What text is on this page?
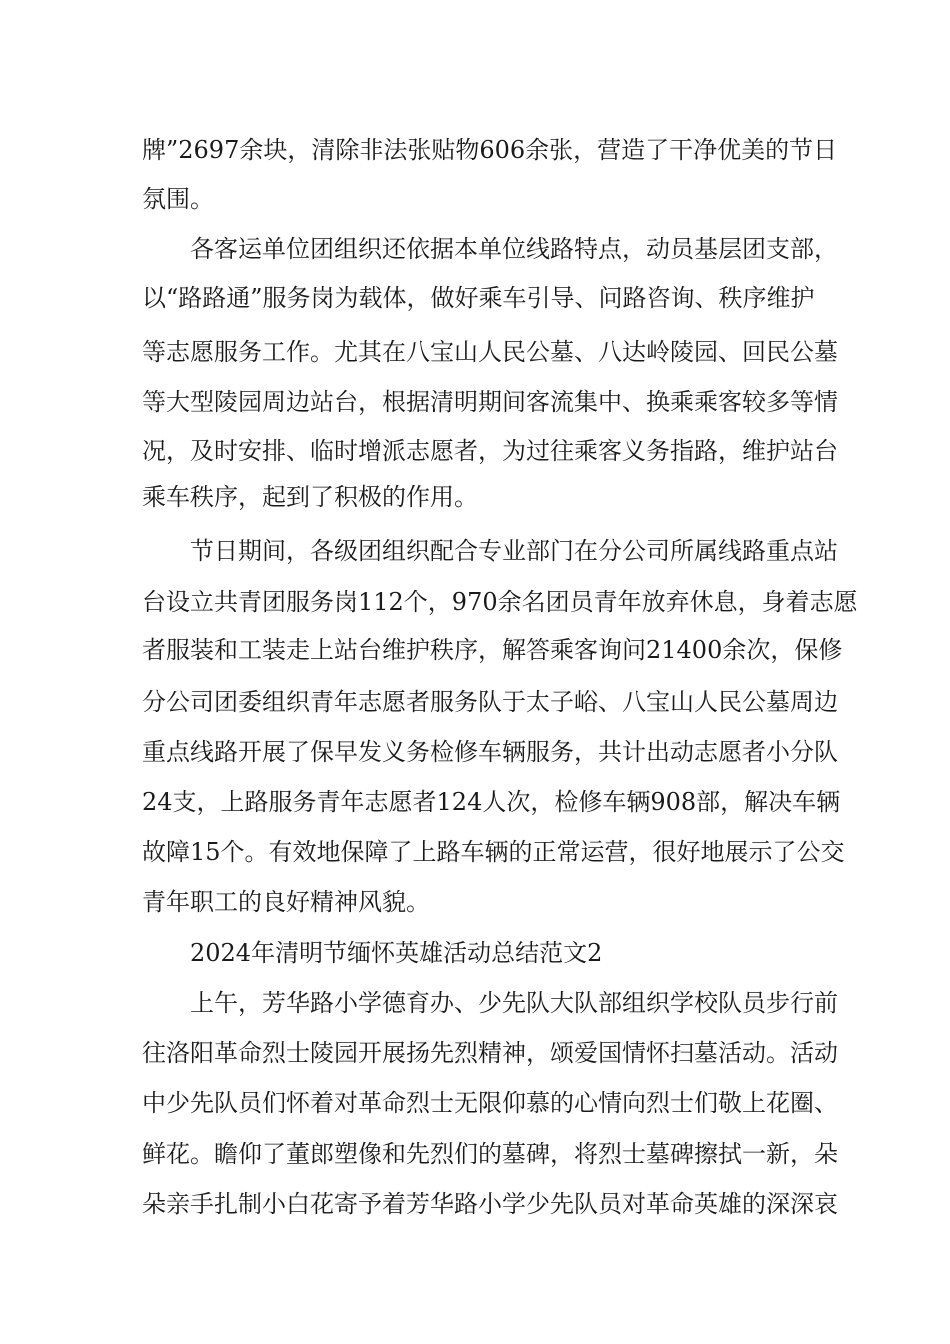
牌”2697余块，清除非法张贴物606余张，营造了干净优美的节日
氛围。
各客运单位团组织还依据本单位线路特点，动员基层团支部，
以“路路通”服务岗为载体，做好乘车引导、问路咨询、秩序维护
等志愿服务工作。尤其在八宝山人民公墓、八达岭陵园、回民公墓
等大型陵园周边站台，根据清明期间客流集中、换乘乘客较多等情
况，及时安排、临时增派志愿者，为过往乘客义务指路，维护站台
乘车秩序，起到了积极的作用。
节日期间，各级团组织配合专业部门在分公司所属线路重点站
台设立共青团服务岗112个，970余名团员青年放弃休息，身着志愿
者服装和工装走上站台维护秩序，解答乘客询问21400余次，保修
分公司团委组织青年志愿者服务队于太子峪、八宝山人民公墓周边
重点线路开展了保早发义务检修车辆服务，共计出动志愿者小分队
24支，上路服务青年志愿者124人次，检修车辆908部，解决车辆
故障15个。有效地保障了上路车辆的正常运营，很好地展示了公交
青年职工的良好精神风貌。
2024年清明节缅怀英雄活动总结范文2
上午，芳华路小学德育办、少先队大队部组织学校队员步行前
往洛阳革命烈士陵园开展扬先烈精神，颂爱国情怀扫墓活动。活动
中少先队员们怀着对革命烈士无限仰慕的心情向烈士们敬上花圈、
鲜花。瞻仰了董郎塑像和先烈们的墓碑，将烈士墓碑擦拭一新，朵
朵亲手扎制小白花寄予着芳华路小学少先队员对革命英雄的深深哀
